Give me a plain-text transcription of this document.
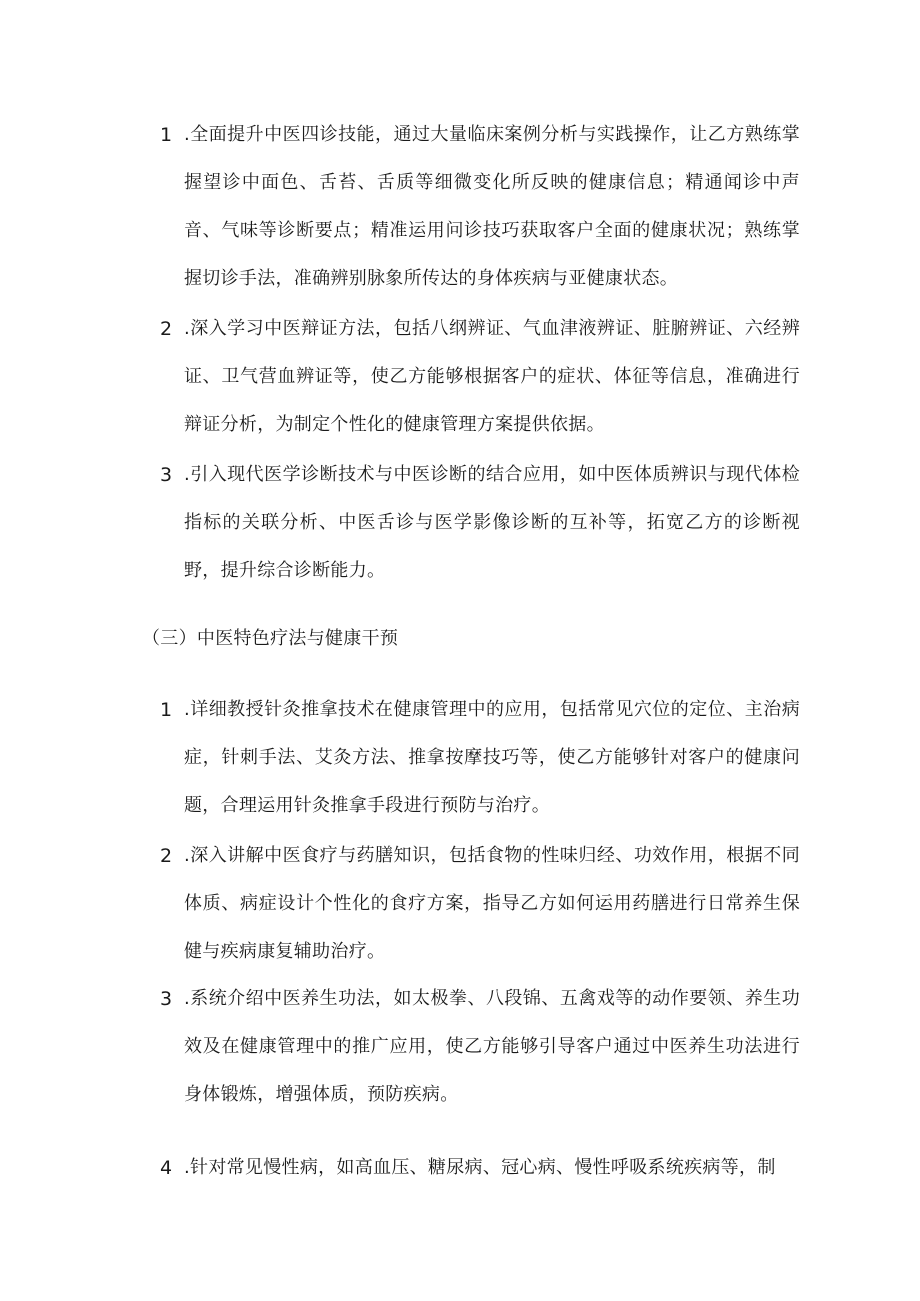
1 .全面提升中医四诊技能，通过大量临床案例分析与实践操作，让乙方熟练掌握望诊中面色、舌苔、舌质等细微变化所反映的健康信息；精通闻诊中声音、气味等诊断要点；精准运用问诊技巧获取客户全面的健康状况；熟练掌握切诊手法，准确辨别脉象所传达的身体疾病与亚健康状态。
2 .深入学习中医辩证方法，包括八纲辨证、气血津液辨证、脏腑辨证、六经辨证、卫气营血辨证等，使乙方能够根据客户的症状、体征等信息，准确进行辩证分析，为制定个性化的健康管理方案提供依据。
3 .引入现代医学诊断技术与中医诊断的结合应用，如中医体质辨识与现代体检指标的关联分析、中医舌诊与医学影像诊断的互补等，拓宽乙方的诊断视野，提升综合诊断能力。
（三）中医特色疗法与健康干预
1 .详细教授针灸推拿技术在健康管理中的应用，包括常见穴位的定位、主治病症，针刺手法、艾灸方法、推拿按摩技巧等，使乙方能够针对客户的健康问题，合理运用针灸推拿手段进行预防与治疗。
2 .深入讲解中医食疗与药膳知识，包括食物的性味归经、功效作用，根据不同体质、病症设计个性化的食疗方案，指导乙方如何运用药膳进行日常养生保健与疾病康复辅助治疗。
3 .系统介绍中医养生功法，如太极拳、八段锦、五禽戏等的动作要领、养生功效及在健康管理中的推广应用，使乙方能够引导客户通过中医养生功法进行身体锻炼，增强体质，预防疾病。
4 .针对常见慢性病，如高血压、糖尿病、冠心病、慢性呼吸系统疾病等，制
